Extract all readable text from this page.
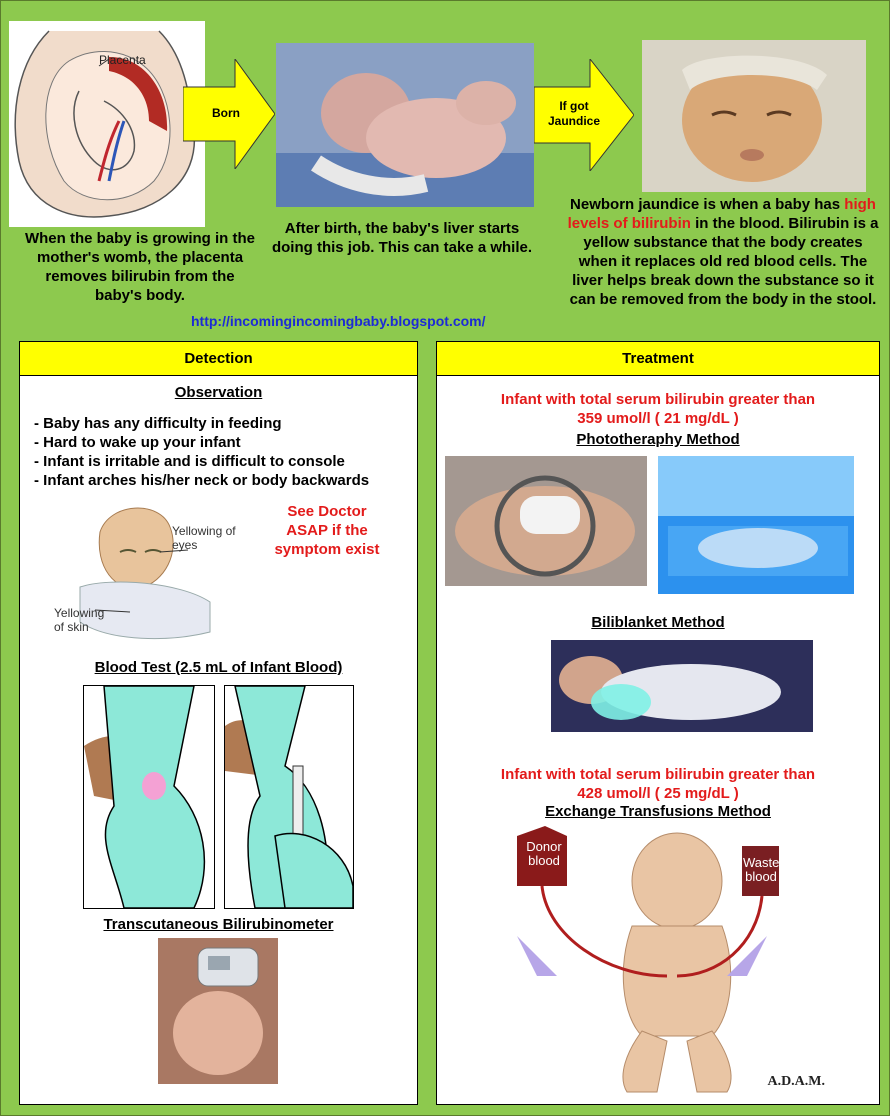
Placenta
Born	If got Jaundice
When the baby is growing in the mother's womb, the placenta removes bilirubin from the baby's body.
After birth, the baby's liver starts doing this job. This can take a while.
Newborn jaundice is when a baby has high levels of bilirubin in the blood. Bilirubin is a yellow substance that the body creates when it replaces old red blood cells. The liver helps break down the substance so it can be removed from the body in the stool.
http://incomingincomingbaby.blogspot.com/
Detection
Observation
- Baby has any difficulty in feeding
- Hard to wake up your infant
- Infant is irritable and is difficult to console
- Infant arches his/her neck or body backwards
Yellowing of eyes
Yellowing of skin
See Doctor ASAP if the symptom exist
Blood Test (2.5 mL of Infant Blood)
Transcutaneous Bilirubinometer
Treatment
Infant with total serum bilirubin greater than 359 umol/l ( 21 mg/dL )
Phototheraphy Method
Biliblanket Method
Infant with total serum bilirubin greater than 428 umol/l ( 25 mg/dL )
Exchange Transfusions Method
Donor blood	Waste blood
A.D.A.M.
